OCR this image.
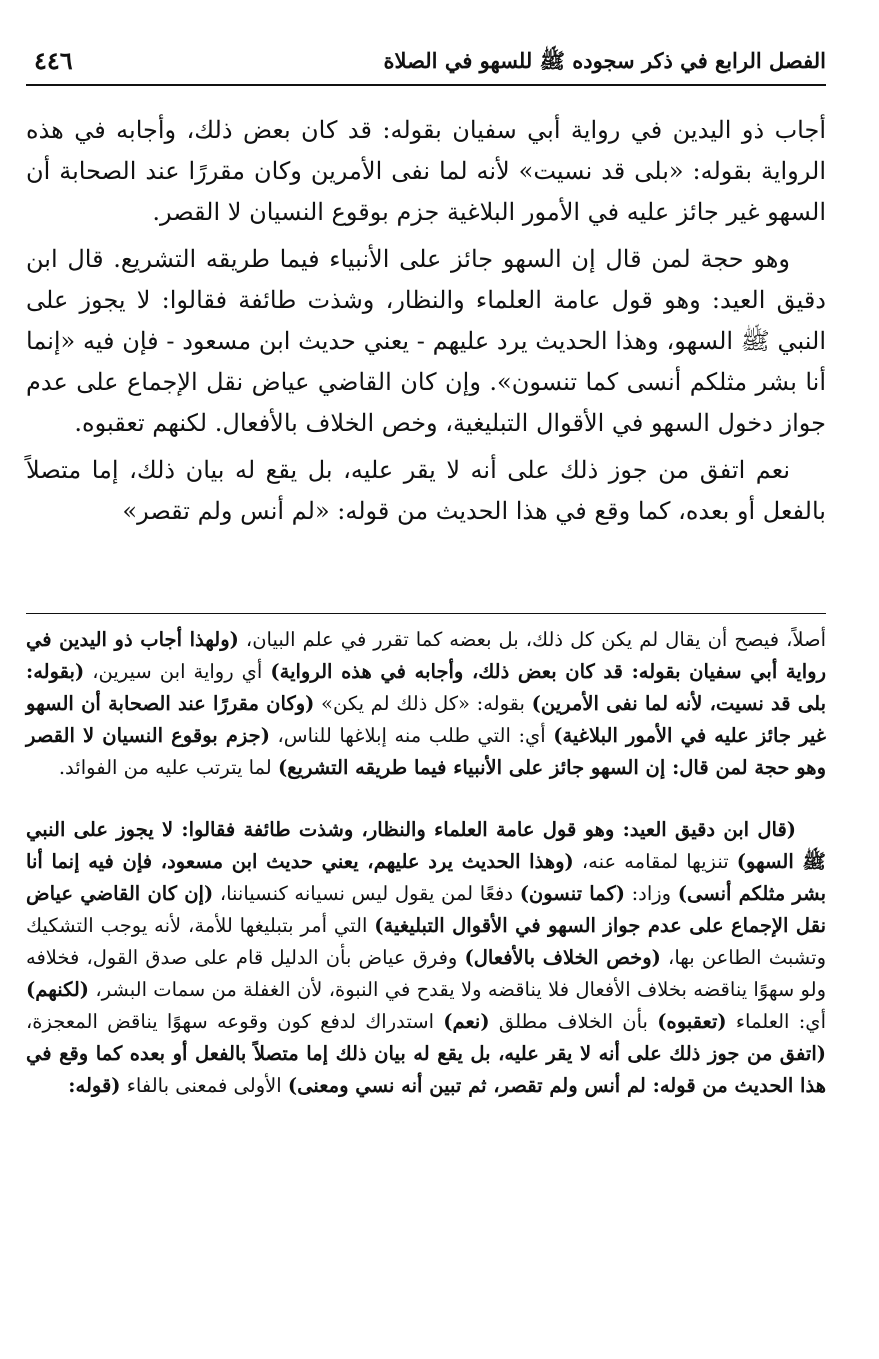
الفصل الرابع في ذكر سجوده ﷺ للسهو في الصلاة
٤٤٦

أجاب ذو اليدين في رواية أبي سفيان بقوله: قد كان بعض ذلك، وأجابه في هذه الرواية بقوله: «بلى قد نسيت» لأنه لما نفى الأمرين وكان مقررًا عند الصحابة أن السهو غير جائز عليه في الأمور البلاغية جزم بوقوع النسيان لا القصر.

وهو حجة لمن قال إن السهو جائز على الأنبياء فيما طريقه التشريع. قال ابن دقيق العيد: وهو قول عامة العلماء والنظار، وشذت طائفة فقالوا: لا يجوز على النبي ﷺ السهو، وهذا الحديث يرد عليهم - يعني حديث ابن مسعود - فإن فيه «إنما أنا بشر مثلكم أنسى كما تنسون». وإن كان القاضي عياض نقل الإجماع على عدم جواز دخول السهو في الأقوال التبليغية، وخص الخلاف بالأفعال. لكنهم تعقبوه.

نعم اتفق من جوز ذلك على أنه لا يقر عليه، بل يقع له بيان ذلك، إما متصلاً بالفعل أو بعده، كما وقع في هذا الحديث من قوله: «لم أنس ولم تقصر»

أصلاً، فيصح أن يقال لم يكن كل ذلك، بل بعضه كما تقرر في علم البيان، (ولهذا أجاب ذو اليدين في رواية أبي سفيان بقوله: قد كان بعض ذلك، وأجابه في هذه الرواية) أي رواية ابن سيرين، (بقوله: بلى قد نسيت، لأنه لما نفى الأمرين) بقوله: «كل ذلك لم يكن» (وكان مقررًا عند الصحابة أن السهو غير جائز عليه في الأمور البلاغية) أي: التي طلب منه إبلاغها للناس، (جزم بوقوع النسيان لا القصر وهو حجة لمن قال: إن السهو جائز على الأنبياء فيما طريقه التشريع) لما يترتب عليه من الفوائد.

(قال ابن دقيق العيد: وهو قول عامة العلماء والنظار، وشذت طائفة فقالوا: لا يجوز على النبي ﷺ السهو) تنزيها لمقامه عنه، (وهذا الحديث يرد عليهم، يعني حديث ابن مسعود، فإن فيه إنما أنا بشر مثلكم أنسى) وزاد: (كما تنسون) دفعًا لمن يقول ليس نسيانه كنسياننا، (إن كان القاضي عياض نقل الإجماع على عدم جواز السهو في الأقوال التبليغية) التي أمر بتبليغها للأمة، لأنه يوجب التشكيك وتشبث الطاعن بها، (وخص الخلاف بالأفعال) وفرق عياض بأن الدليل قام على صدق القول، فخلافه ولو سهوًا يناقضه بخلاف الأفعال فلا يناقضه ولا يقدح في النبوة، لأن الغفلة من سمات البشر، (لكنهم) أي: العلماء (تعقبوه) بأن الخلاف مطلق (نعم) استدراك لدفع كون وقوعه سهوًا يناقض المعجزة، (اتفق من جوز ذلك على أنه لا يقر عليه، بل يقع له بيان ذلك إما متصلاً بالفعل أو بعده كما وقع في هذا الحديث من قوله: لم أنس ولم تقصر، ثم تبين أنه نسي ومعنى) الأولى فمعنى بالفاء (قوله:
